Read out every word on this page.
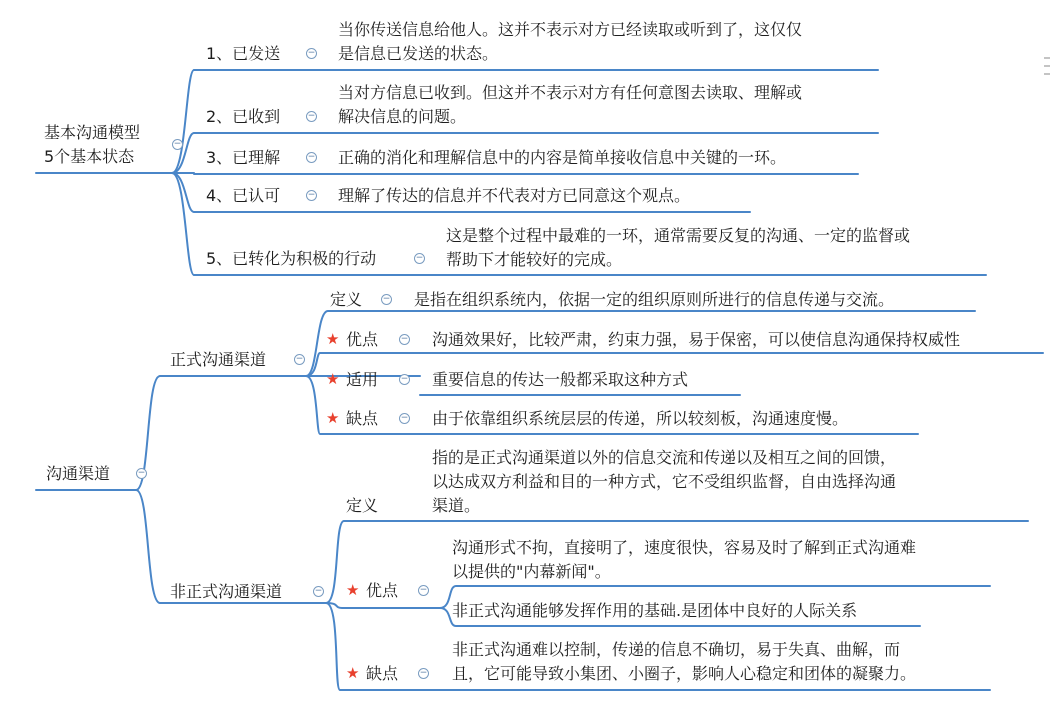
基本沟通模型
5个基本状态
−
1、已发送	−
当你传送信息给他人。这并不表示对方已经读取或听到了，这仅仅
是信息已发送的状态。
2、已收到	−
当对方信息已收到。但这并不表示对方有任何意图去读取、理解或
解决信息的问题。
3、已理解	− 正确的消化和理解信息中的内容是简单接收信息中关键的一环。
4、已认可	− 理解了传达的信息并不代表对方已同意这个观点。
5、已转化为积极的行动	−
这是整个过程中最难的一环，通常需要反复的沟通、一定的监督或
帮助下才能较好的完成。
沟通渠道	−
正式沟通渠道	−
定义 − 是指在组织系统内，依据一定的组织原则所进行的信息传递与交流。
★ 优点	− 沟通效果好，比较严肃，约束力强，易于保密，可以使信息沟通保持权威性
★ 适用	− 重要信息的传达一般都采取这种方式
★ 缺点	− 由于依靠组织系统层层的传递，所以较刻板，沟通速度慢。
非正式沟通渠道	−
定义
指的是正式沟通渠道以外的信息交流和传递以及相互之间的回馈，
以达成双方利益和目的一种方式，它不受组织监督，自由选择沟通
渠道。
★ 优点 −
沟通形式不拘，直接明了，速度很快，容易及时了解到正式沟通难
以提供的"内幕新闻"。
非正式沟通能够发挥作用的基础.是团体中良好的人际关系
★ 缺点 −
非正式沟通难以控制，传递的信息不确切，易于失真、曲解，而
且，它可能导致小集团、小圈子，影响人心稳定和团体的凝聚力。
